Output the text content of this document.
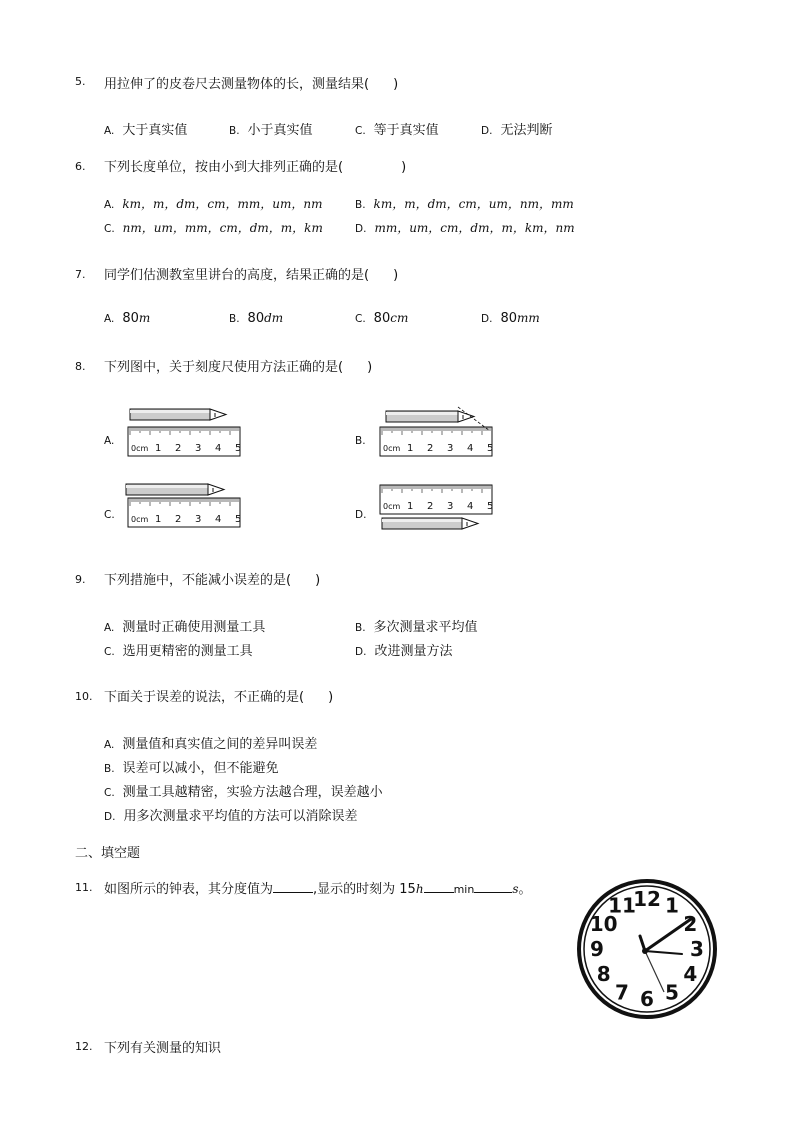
5. 用拉伸了的皮卷尺去测量物体的长，测量结果( )
A. 大于真实值	B. 小于真实值	C. 等于真实值	D. 无法判断
6. 下列长度单位，按由小到大排列正确的是(	)
A. km，m，dm，cm，mm，um，nm	B. km，m，dm，cm，um，nm，mm
C. nm，um，mm，cm，dm，m，km	D. mm，um，cm，dm，m，km，nm
7. 同学们估测教室里讲台的高度，结果正确的是( )
A. 80m	B. 80dm	C. 80cm	D. 80mm
8. 下列图中，关于刻度尺使用方法正确的是( )
A.	B.
C.	D.
0cm 1 2 3 4 5	0cm 1 2 3 4 5
0cm 1 2 3 4 5
0cm 1 2 3 4 5
9. 下列措施中，不能减小误差的是( )
A. 测量时正确使用测量工具	B. 多次测量求平均值
C. 选用更精密的测量工具	D. 改进测量方法
10. 下面关于误差的说法，不正确的是( )
A. 测量值和真实值之间的差异叫误差
B. 误差可以减小，但不能避免
C. 测量工具越精密，实验方法越合理，误差越小
D. 用多次测量求平均值的方法可以消除误差
二、填空题
11. 如图所示的钟表，其分度值为	,显示的时刻为 15h	min	s。	12 1
2
3
4
5
6
7
8
9
10
11
12. 下列有关测量的知识
